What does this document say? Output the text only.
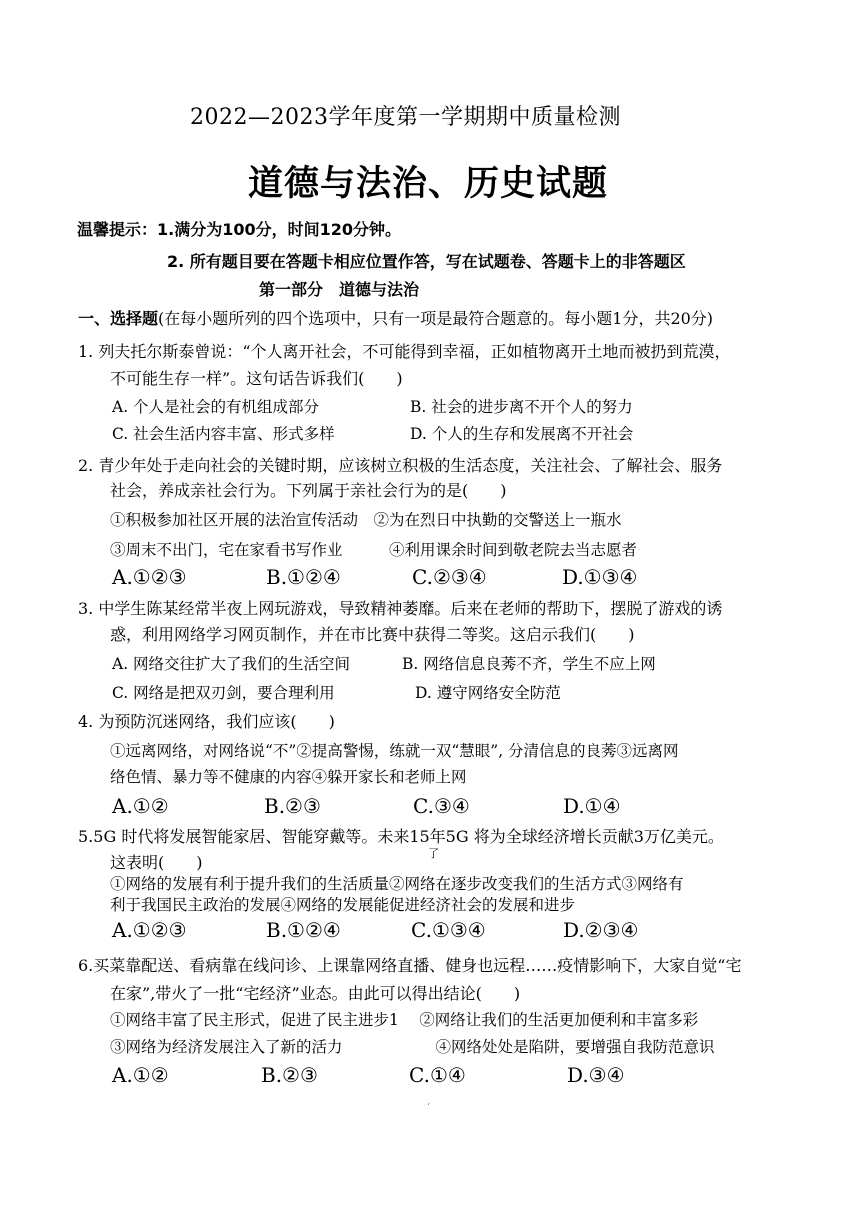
2022—2023学年度第一学期期中质量检测
道德与法治、历史试题
温馨提示：1.满分为100分，时间120分钟。
2. 所有题目要在答题卡相应位置作答，写在试题卷、答题卡上的非答题区
第一部分　道德与法治
一、选择题(在每小题所列的四个选项中，只有一项是最符合题意的。每小题1分，共20分)
1. 列夫托尔斯泰曾说：“个人离开社会，不可能得到幸福，正如植物离开土地而被扔到荒漠，
不可能生存一样”。这句话告诉我们(　　)
A. 个人是社会的有机组成部分	B. 社会的进步离不开个人的努力
C. 社会生活内容丰富、形式多样	D. 个人的生存和发展离不开社会
2. 青少年处于走向社会的关键时期，应该树立积极的生活态度，关注社会、了解社会、服务
社会，养成亲社会行为。下列属于亲社会行为的是(　　)
①积极参加社区开展的法治宣传活动　②为在烈日中执勤的交警送上一瓶水
③周末不出门，宅在家看书写作业　　　④利用课余时间到敬老院去当志愿者
A.①②③	B.①②④	C.②③④	D.①③④
3. 中学生陈某经常半夜上网玩游戏，导致精神萎靡。后来在老师的帮助下，摆脱了游戏的诱
惑，利用网络学习网页制作，并在市比赛中获得二等奖。这启示我们(　　)
A. 网络交往扩大了我们的生活空间	B. 网络信息良莠不齐，学生不应上网
C. 网络是把双刃剑，要合理利用	D. 遵守网络安全防范
4. 为预防沉迷网络，我们应该(　　)
①远离网络，对网络说“不”②提高警惕，练就一双“慧眼”, 分清信息的良莠③远离网
络色情、暴力等不健康的内容④躲开家长和老师上网
A.①②	B.②③	C.③④	D.①④
5.5G 时代将发展智能家居、智能穿戴等。未来15年5G 将为全球经济增长贡献3万亿美元。
这表明(　　)	了
①网络的发展有利于提升我们的生活质量②网络在逐步改变我们的生活方式③网络有
利于我国民主政治的发展④网络的发展能促进经济社会的发展和进步
A.①②③	B.①②④	C.①③④	D.②③④
6.买菜靠配送、看病靠在线问诊、上课靠网络直播、健身也远程……疫情影响下，大家自觉“宅
在家”,带火了一批“宅经济”业态。由此可以得出结论(　　)
①网络丰富了民主形式，促进了民主进步1　 ②网络让我们的生活更加便利和丰富多彩
③网络为经济发展注入了新的活力　　　　　　④网络处处是陷阱，要增强自我防范意识
A.①②	B.②③	C.①④	D.③④
‘
